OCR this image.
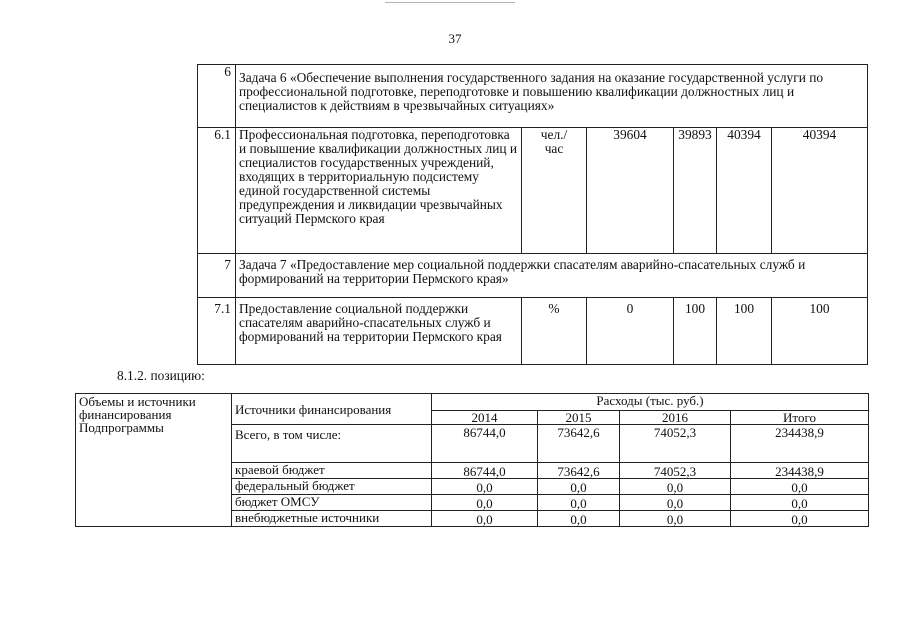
37
6	Задача 6 «Обеспечение выполнения государственного задания на оказание государственной услуги по профессиональной подготовке, переподготовке и повышению квалификации должностных лиц и специалистов к действиям в чрезвычайных ситуациях»					
6.1	Профессиональная подготовка, переподготовка и повышение квалификации должностных лиц и специалистов государственных учреждений, входящих в территориальную подсистему единой государственной системы предупреждения и ликвидации чрезвычайных ситуаций Пермского края	чел./ час	39604	39893	40394	40394
7	Задача 7 «Предоставление мер социальной поддержки спасателям аварийно-спасательных служб и формирований на территории Пермского края»					
7.1	Предоставление социальной поддержки спасателям аварийно-спасательных служб и формирований на территории Пермского края	%	0	100	100	100
8.1.2. позицию:
Объемы и источники финансирования Подпрограммы	Источники финансирования	Расходы (тыс. руб.)			
		2014	2015	2016	Итого
	Всего, в том числе:	86744,0	73642,6	74052,3	234438,9
	краевой бюджет	86744,0	73642,6	74052,3	234438,9
	федеральный бюджет	0,0	0,0	0,0	0,0
	бюджет ОМСУ	0,0	0,0	0,0	0,0
	внебюджетные источники	0,0	0,0	0,0	0,0
